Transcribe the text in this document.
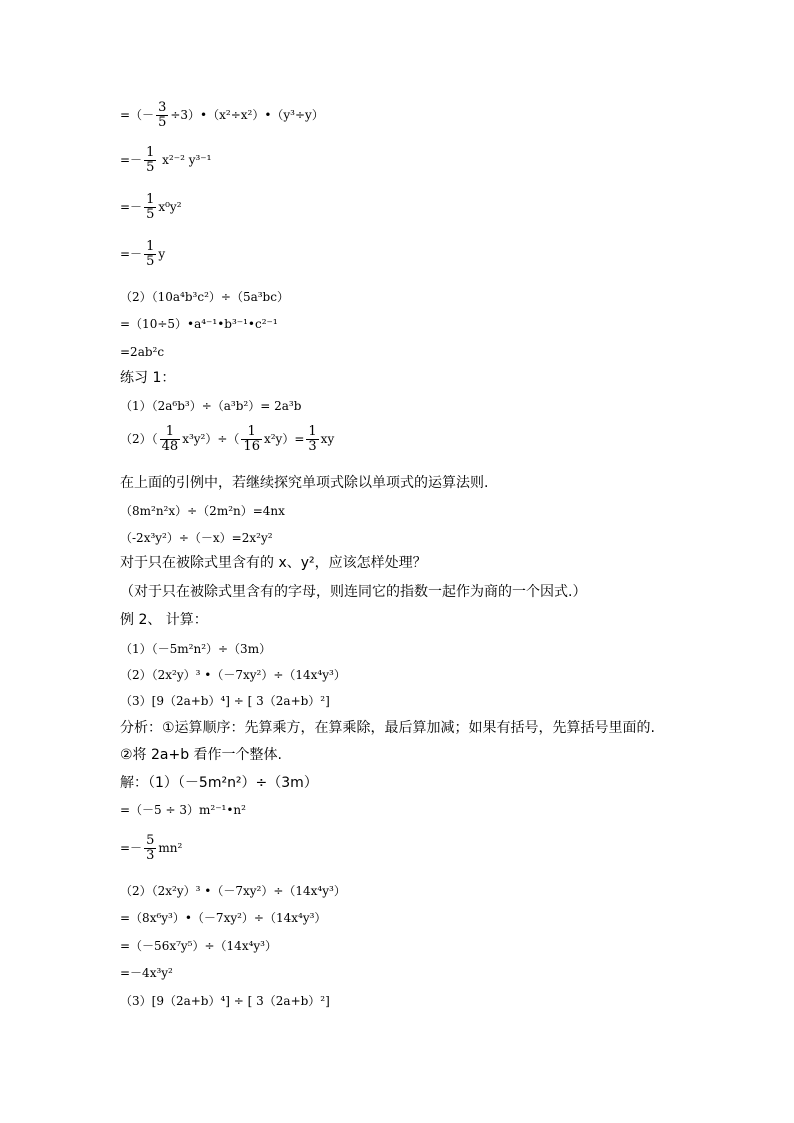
=（－ $\frac{3}{5}$ ÷3）•（x²÷x²）•（y³÷y）
=－ $\frac{1}{5} x^{2-2}$ y³⁻¹
=－ $\frac{1}{5} x^0y^2$
=－ $\frac{1}{5}$ y
（2）（10a⁴b³c²）÷（5a³bc）
=（10÷5）•a⁴⁻¹•b³⁻¹•c²⁻¹
=2ab²c
练习 1：
（1）（2a⁶b³）÷（a³b²）= 2a³b
$(2)( \frac{1}{48} x^3y^2)\div( \frac{1}{16} x^2y)= \frac{1}{3}$ xy
在上面的引例中，若继续探究单项式除以单项式的运算法则.
（8m²n²x）÷（2m²n）=4nx
（-2x³y²）÷（－x）=2x²y²
对于只在被除式里含有的 x、y²，应该怎样处理？
（对于只在被除式里含有的字母，则连同它的指数一起作为商的一个因式.）
例 2、 计算：
（1）（－5m²n²）÷（3m）
（2）（2x²y）³ •（－7xy²）÷（14x⁴y³）
（3）[9（2a+b）⁴] ÷ [ 3（2a+b）²]
分析：①运算顺序：先算乘方，在算乘除，最后算加减；如果有括号，先算括号里面的.
②将 2a+b 看作一个整体.
解：（1）（－5m²n²）÷（3m）
=（－5 ÷ 3）m²⁻¹•n²
=－ $\frac{5}{3} mn^2$
（2）（2x²y）³ •（－7xy²）÷（14x⁴y³）
=（8x⁶y³）•（－7xy²）÷（14x⁴y³）
=（－56x⁷y⁵）÷（14x⁴y³）
=－4x³y²
（3）[9（2a+b）⁴] ÷ [ 3（2a+b）²]
